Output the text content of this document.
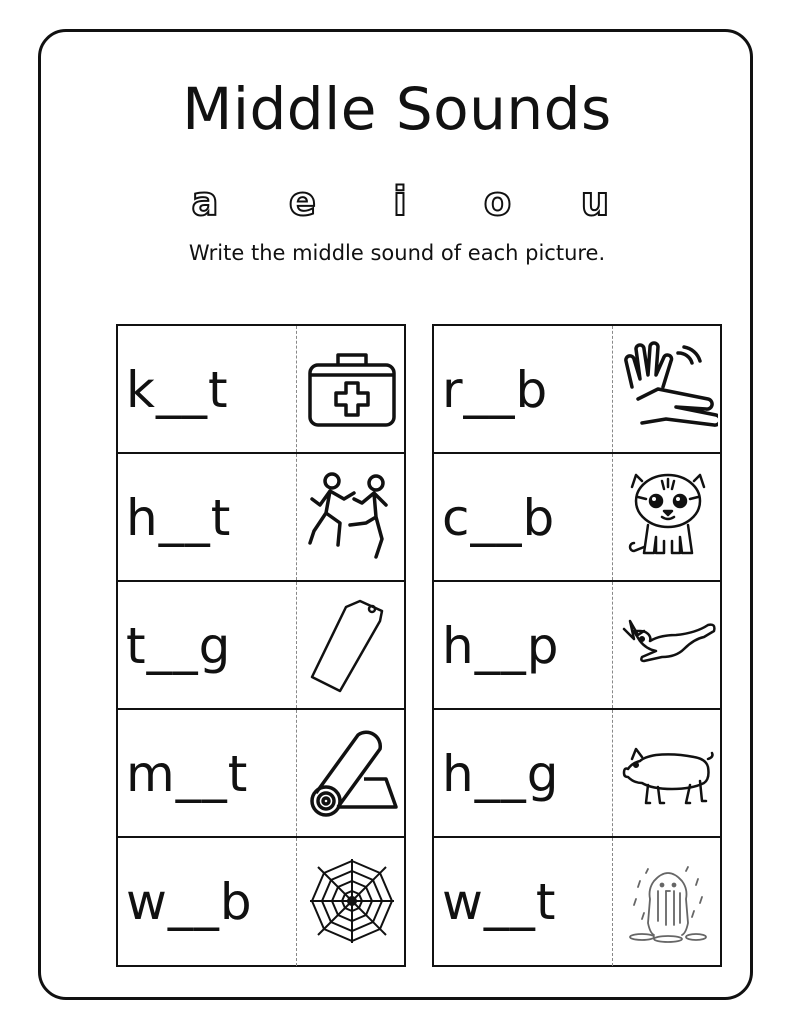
Middle Sounds
a e	i	o u

Write the middle sound of each picture.

k__t
h__t
t__g
m__t
w__b
r__b
c__b
h__p
h__g
w__t
